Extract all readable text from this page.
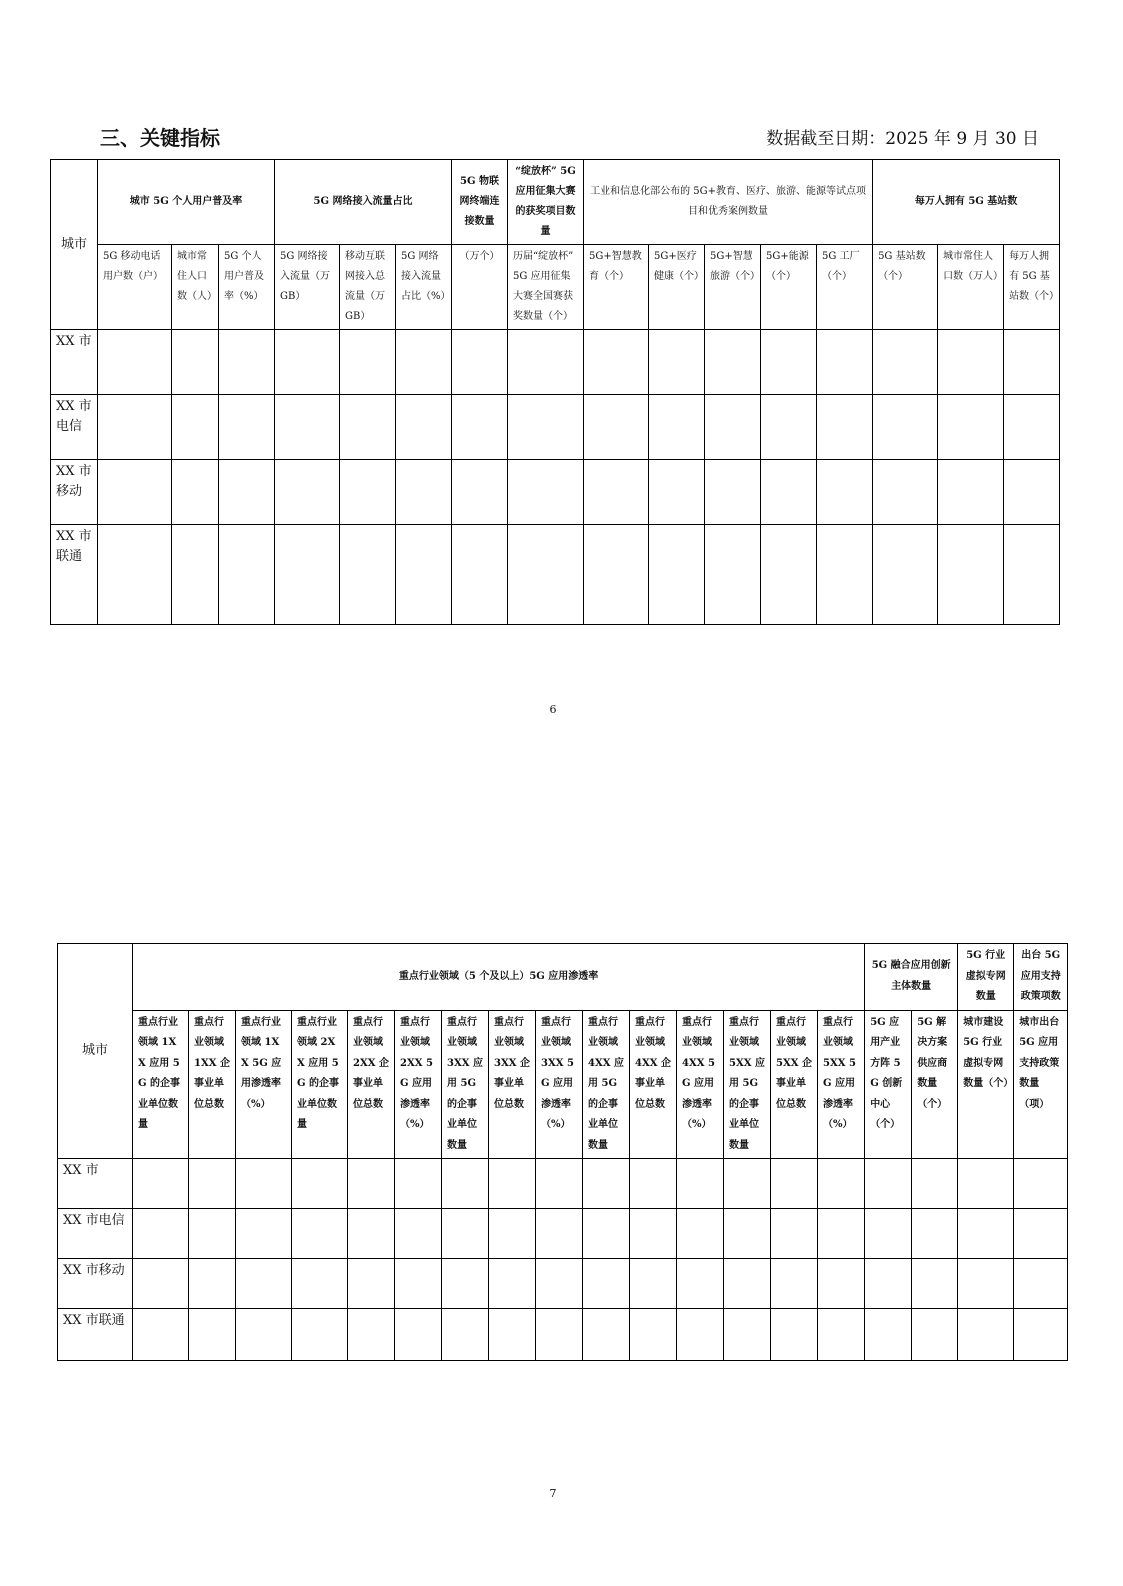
三、关键指标	数据截至日期：2025 年 9 月 30 日
城市	城市 5G 个人用户普及率			5G 网络接入流量占比			5G 物联网终端连接数量	“绽放杯” 5G 应用征集大赛的获奖项目数量	工业和信息化部公布的 5G+教育、医疗、旅游、能源等试点项目和优秀案例数量					每万人拥有 5G 基站数		
	5G 移动电话用户数（户）	城市常住人口数（人）	5G 个人用户普及率（%）	5G 网络接入流量（万 GB）	移动互联网接入总流量（万 GB）	5G 网络接入流量占比（%）	（万个）	历届“绽放杯” 5G 应用征集大赛全国赛获奖数量（个）	5G+智慧教育（个）	5G+医疗健康（个）	5G+智慧旅游（个）	5G+能源（个）	5G 工厂（个）	5G 基站数（个）	城市常住人口数（万人）	每万人拥有 5G 基站数（个）
XX 市																
XX 市电信																
XX 市移动																
XX 市联通																
6
城市	重点行业领域（5 个及以上）5G 应用渗透率															5G 融合应用创新主体数量		5G 行业虚拟专网数量	出台 5G 应用支持政策项数
	重点行业领域 1XX 应用 5G 的企事业单位数量	重点行业领域 1XX 企事业单位总数	重点行业领域 1XX 5G 应用渗透率（%）	重点行业领域 2XX 应用 5G 的企事业单位数量	重点行业领域 2XX 企事业单位总数	重点行业领域 2XX 5G 应用渗透率（%）	重点行业领域 3XX 应用 5G 的企事业单位数量	重点行业领域 3XX 企事业单位总数	重点行业领域 3XX 5G 应用渗透率（%）	重点行业领域 4XX 应用 5G 的企事业单位数量	重点行业领域 4XX 企事业单位总数	重点行业领域 4XX 5G 应用渗透率（%）	重点行业领域 5XX 应用 5G 的企事业单位数量	重点行业领域 5XX 企事业单位总数	重点行业领域 5XX 5G 应用渗透率（%）	5G 应用产业方阵 5G 创新中心（个）	5G 解决方案供应商数量（个）	城市建设 5G 行业虚拟专网数量（个）	城市出台 5G 应用支持政策数量（项）
XX 市																			
XX 市电信																			
XX 市移动																			
XX 市联通																			
7
